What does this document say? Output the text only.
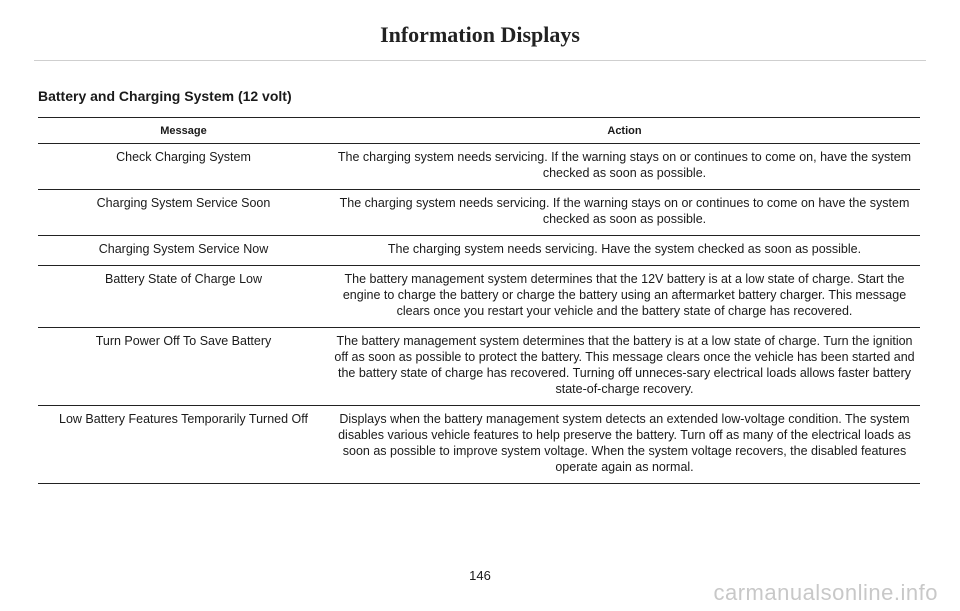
Information Displays
Battery and Charging System (12 volt)
Message	Action
Check Charging System	The charging system needs servicing. If the warning stays on or continues to come on, have the system checked as soon as possible.
Charging System Service Soon	The charging system needs servicing. If the warning stays on or continues to come on have the system checked as soon as possible.
Charging System Service Now	The charging system needs servicing. Have the system checked as soon as possible.
Battery State of Charge Low	The battery management system determines that the 12V battery is at a low state of charge. Start the engine to charge the battery or charge the battery using an aftermarket battery charger. This message clears once you restart your vehicle and the battery state of charge has recovered.
Turn Power Off To Save Battery	The battery management system determines that the battery is at a low state of charge. Turn the ignition off as soon as possible to protect the battery. This message clears once the vehicle has been started and the battery state of charge has recovered. Turning off unneces-sary electrical loads allows faster battery state-of-charge recovery.
Low Battery Features Temporarily Turned Off	Displays when the battery management system detects an extended low-voltage condition. The system disables various vehicle features to help preserve the battery. Turn off as many of the electrical loads as soon as possible to improve system voltage. When the system voltage recovers, the disabled features operate again as normal.
146
carmanualsonline.info
